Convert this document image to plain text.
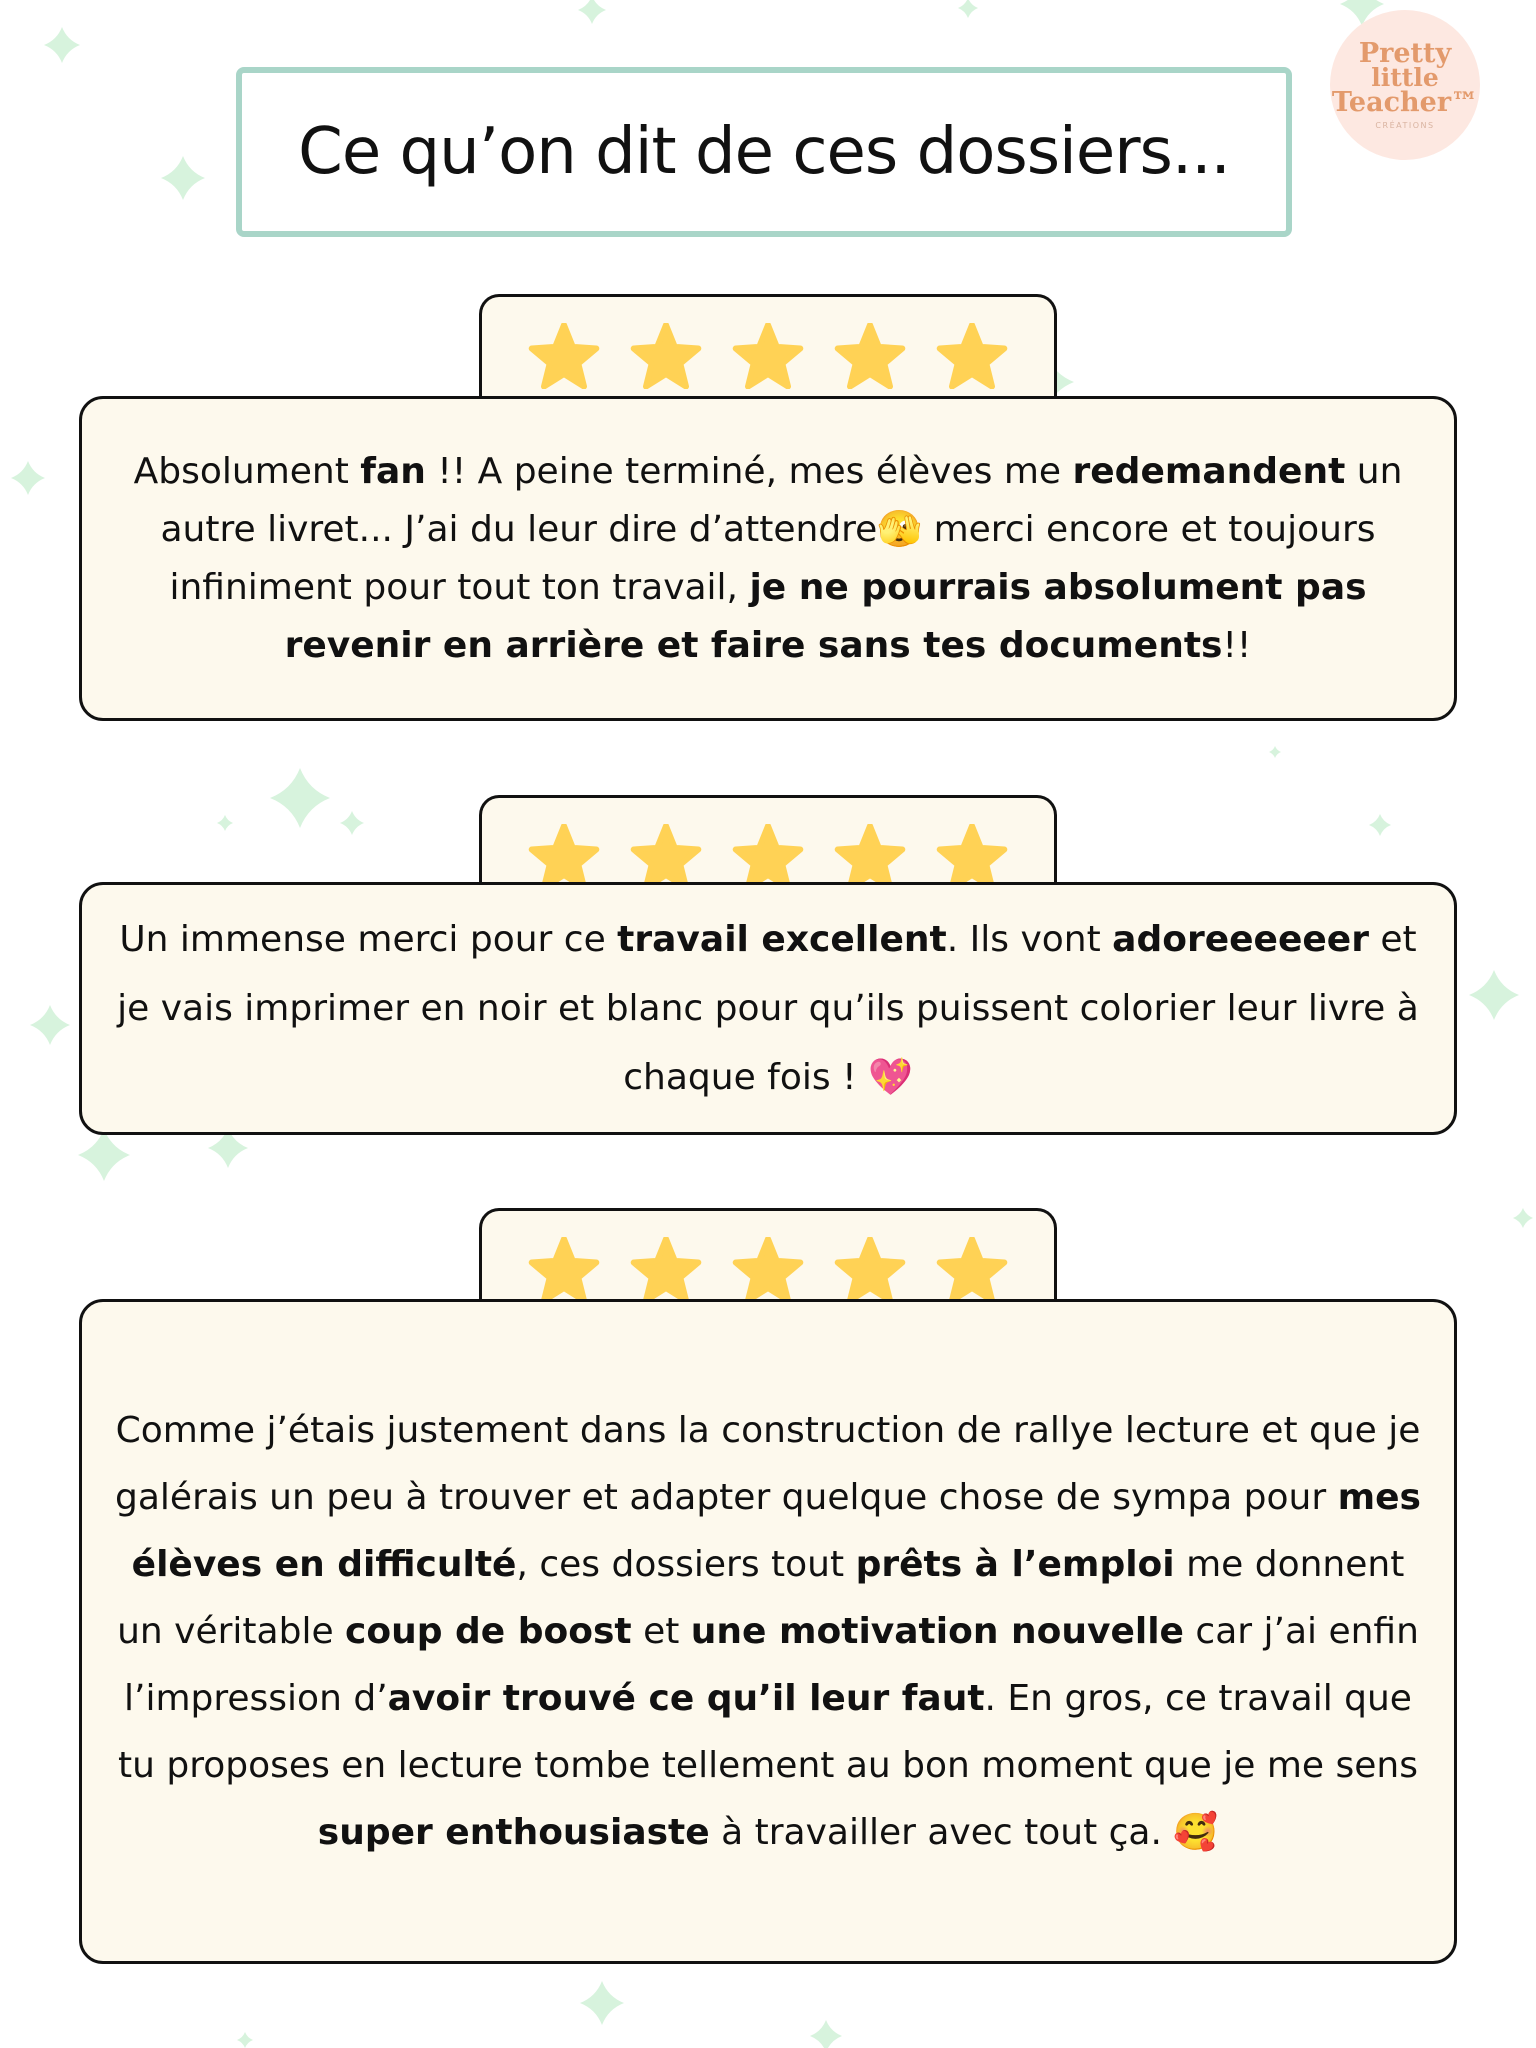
Ce qu’on dit de ces dossiers...
Pretty
little
Teacher™
CRÉATIONS

Absolument fan !! A peine terminé, mes élèves me redemandent un autre livret... J’ai du leur dire d’attendre🫣 merci encore et toujours infiniment pour tout ton travail, je ne pourrais absolument pas revenir en arrière et faire sans tes documents!!

Un immense merci pour ce travail excellent. Ils vont adoreeeeeer et je vais imprimer en noir et blanc pour qu’ils puissent colorier leur livre à chaque fois ! 💖

Comme j’étais justement dans la construction de rallye lecture et que je galérais un peu à trouver et adapter quelque chose de sympa pour mes élèves en difficulté, ces dossiers tout prêts à l’emploi me donnent un véritable coup de boost et une motivation nouvelle car j’ai enfin l’impression d’avoir trouvé ce qu’il leur faut. En gros, ce travail que tu proposes en lecture tombe tellement au bon moment que je me sens super enthousiaste à travailler avec tout ça. 🥰
